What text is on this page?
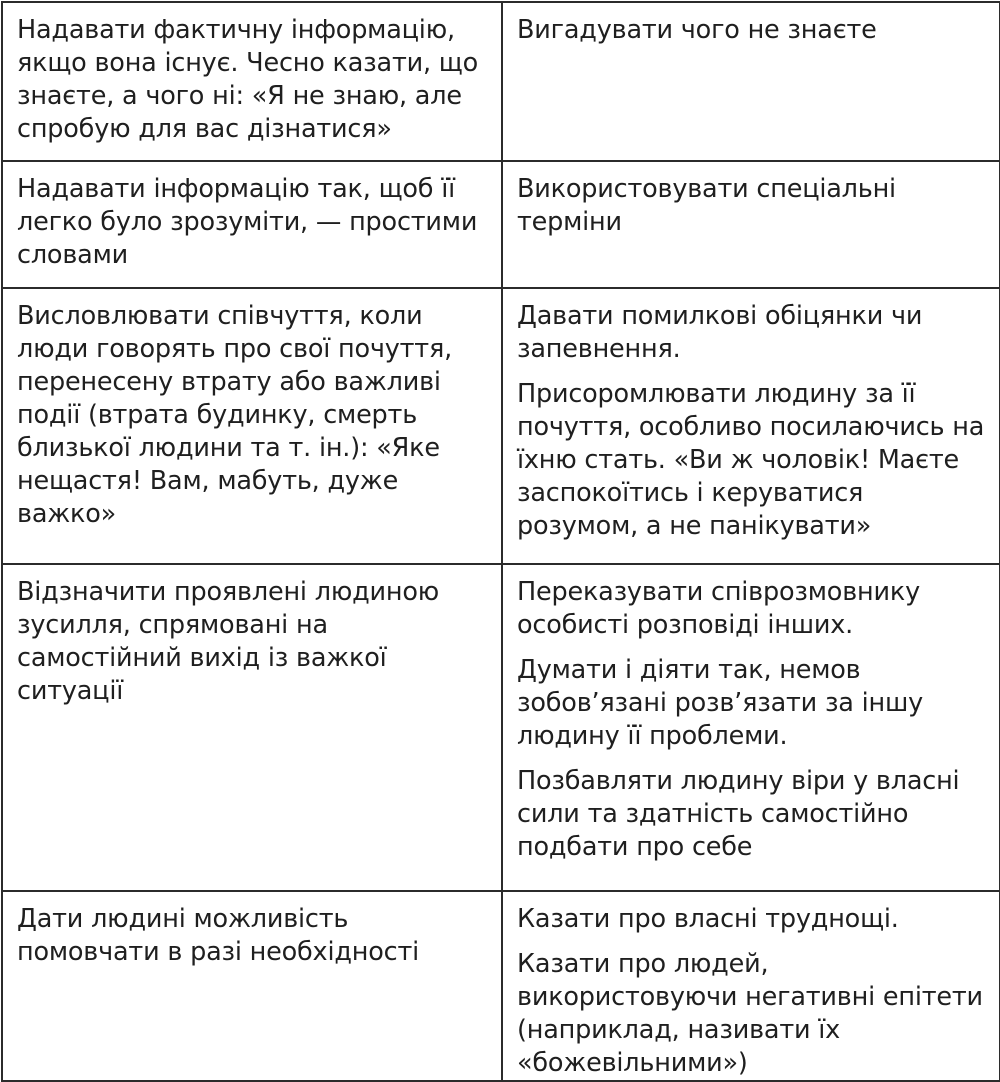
Надавати фактичну інформацію, якщо вона існує. Чесно казати, що знаєте, а чого ні: «Я не знаю, але спробую для вас дізнатися»	Вигадувати чого не знаєте

Надавати інформацію так, щоб її легко було зрозуміти, — простими словами	Використовувати спеціальні терміни

Висловлювати співчуття, коли люди говорять про свої почуття, перенесену втрату або важливі події (втрата будинку, смерть близької людини та т. ін.): «Яке нещастя! Вам, мабуть, дуже важко»	Давати помилкові обіцянки чи запевнення.

Присоромлювати людину за її почуття, особливо посилаючись на їхню стать. «Ви ж чоловік! Маєте заспокоїтись і керуватися розумом, а не панікувати»

Відзначити проявлені людиною зусилля, спрямовані на самостійний вихід із важкої ситуації	Переказувати співрозмовнику особисті розповіді інших.

Думати і діяти так, немов зобов’язані розв’язати за іншу людину її проблеми.

Позбавляти людину віри у власні сили та здатність самостійно подбати про себе

Дати людині можливість помовчати в разі необхідності	Казати про власні труднощі.

Казати про людей, використовуючи негативні епітети (наприклад, називати їх «божевільними»)
